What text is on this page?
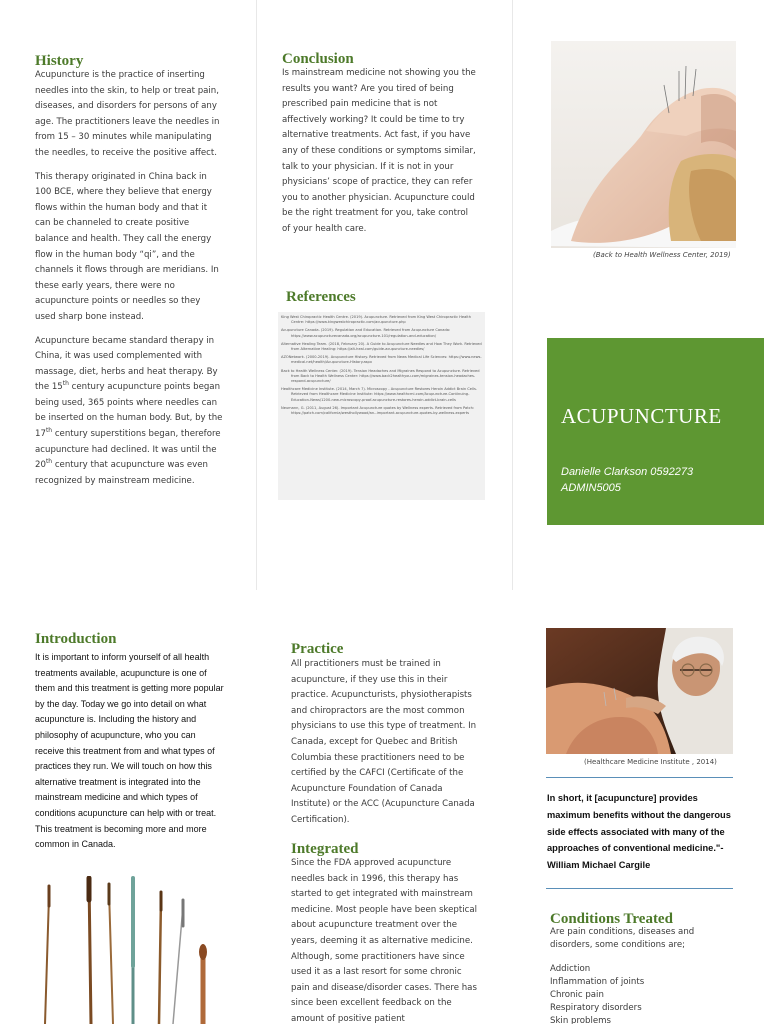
History

Acupuncture is the practice of inserting needles into the skin, to help or treat pain, diseases, and disorders for persons of any age. The practitioners leave the needles in from 15 – 30 minutes while manipulating the needles, to receive the positive affect.

This therapy originated in China back in 100 BCE, where they believe that energy flows within the human body and that it can be channeled to create positive balance and health. They call the energy flow in the human body “qi”, and the channels it flows through are meridians. In these early years, there were no acupuncture points or needles so they used sharp bone instead.

Acupuncture became standard therapy in China, it was used complemented with massage, diet, herbs and heat therapy. By the 15th century acupuncture points began being used, 365 points where needles can be inserted on the human body. But, by the 17th century superstitions began, therefore acupuncture had declined. It was until the 20th century that acupuncture was even recognized by mainstream medicine.

Conclusion

Is mainstream medicine not showing you the results you want? Are you tired of being prescribed pain medicine that is not affectively working? It could be time to try alternative treatments. Act fast, if you have any of these conditions or symptoms similar, talk to your physician. If it is not in your physicians’ scope of practice, they can refer you to another physician. Acupuncture could be the right treatment for you, take control of your health care.

References
King West Chiropractic Health Centre. (2019). Acupuncture. Retrieved from King West Chiropractic Health Centre: https://www.kingwestchiropractic.com/acupuncture.php
Acupuncture Canada. (2019). Regulation and Education. Retrieved from Acupuncture Canada: https://www.acupuncturecanada.org/acupuncture-101/regulation-and-education/
Alternative Healing Team. (2018, February 20). A Guide to Acupuncture Needles and How They Work. Retrieved from Alternative Healing: https://alt-heal.com/guide-acupuncture-needles/
AZONetwork. (2000-2019). Acupuncture History. Retrieved from News Medical Life Sciences: https://www.news-medical.net/health/Acupuncture-History.aspx
Back to Health Wellness Center. (2019). Tension Headaches and Migraines Respond to Acupuncture. Retrieved from Back to Health Wellness Center: https://www.back2healthyou.com/migraines-tension-headaches-respond-acupuncture/
Healthcare Medicine Institute. (2014, March 7). Microscopy - Acupuncture Restores Heroin Addict Brain Cells. Retrieved from Healthcare Medicine Institute: https://www.healthcmi.com/Acupuncture-Continuing-Education-News/1200-new-microscopy-proof-acupuncture-restores-heroin-addict-brain-cells
Neumann, G. (2011, August 26). Important Acupuncture quotes by Wellness experts. Retrieved from Patch: https://patch.com/california/westhollywood/an--important-acupuncture-quotes-by-wellness-experts
(Back to Health Wellness Center, 2019)
ACUPUNCTURE
Danielle Clarkson 0592273
ADMIN5005
Introduction

It is important to inform yourself of all health treatments available, acupuncture is one of them and this treatment is getting more popular by the day. Today we go into detail on what acupuncture is. Including the history and philosophy of acupuncture, who you can receive this treatment from and what types of practices they run. We will touch on how this alternative treatment is integrated into the mainstream medicine and which types of conditions acupuncture can help with or treat. This treatment is becoming more and more common in Canada.

Practice

All practitioners must be trained in acupuncture, if they use this in their practice. Acupuncturists, physiotherapists and chiropractors are the most common physicians to use this type of treatment. In Canada, except for Quebec and British Columbia these practitioners need to be certified by the CAFCI (Certificate of the Acupuncture Foundation of Canada Institute) or the ACC (Acupuncture Canada Certification).

Integrated

Since the FDA approved acupuncture needles back in 1996, this therapy has started to get integrated with mainstream medicine. Most people have been skeptical about acupuncture treatment over the years, deeming it as alternative medicine. Although, some practitioners have since used it as a last resort for some chronic pain and disease/disorder cases. There has since been excellent feedback on the amount of positive patient

(Healthcare Medicine Institute , 2014)

In short, it [acupuncture] provides maximum benefits without the dangerous side effects associated with many of the approaches of conventional medicine."-William Michael Cargile

Conditions Treated

Are pain conditions, diseases and disorders, some conditions are;

Addiction
Inflammation of joints
Chronic pain
Respiratory disorders
Skin problems
